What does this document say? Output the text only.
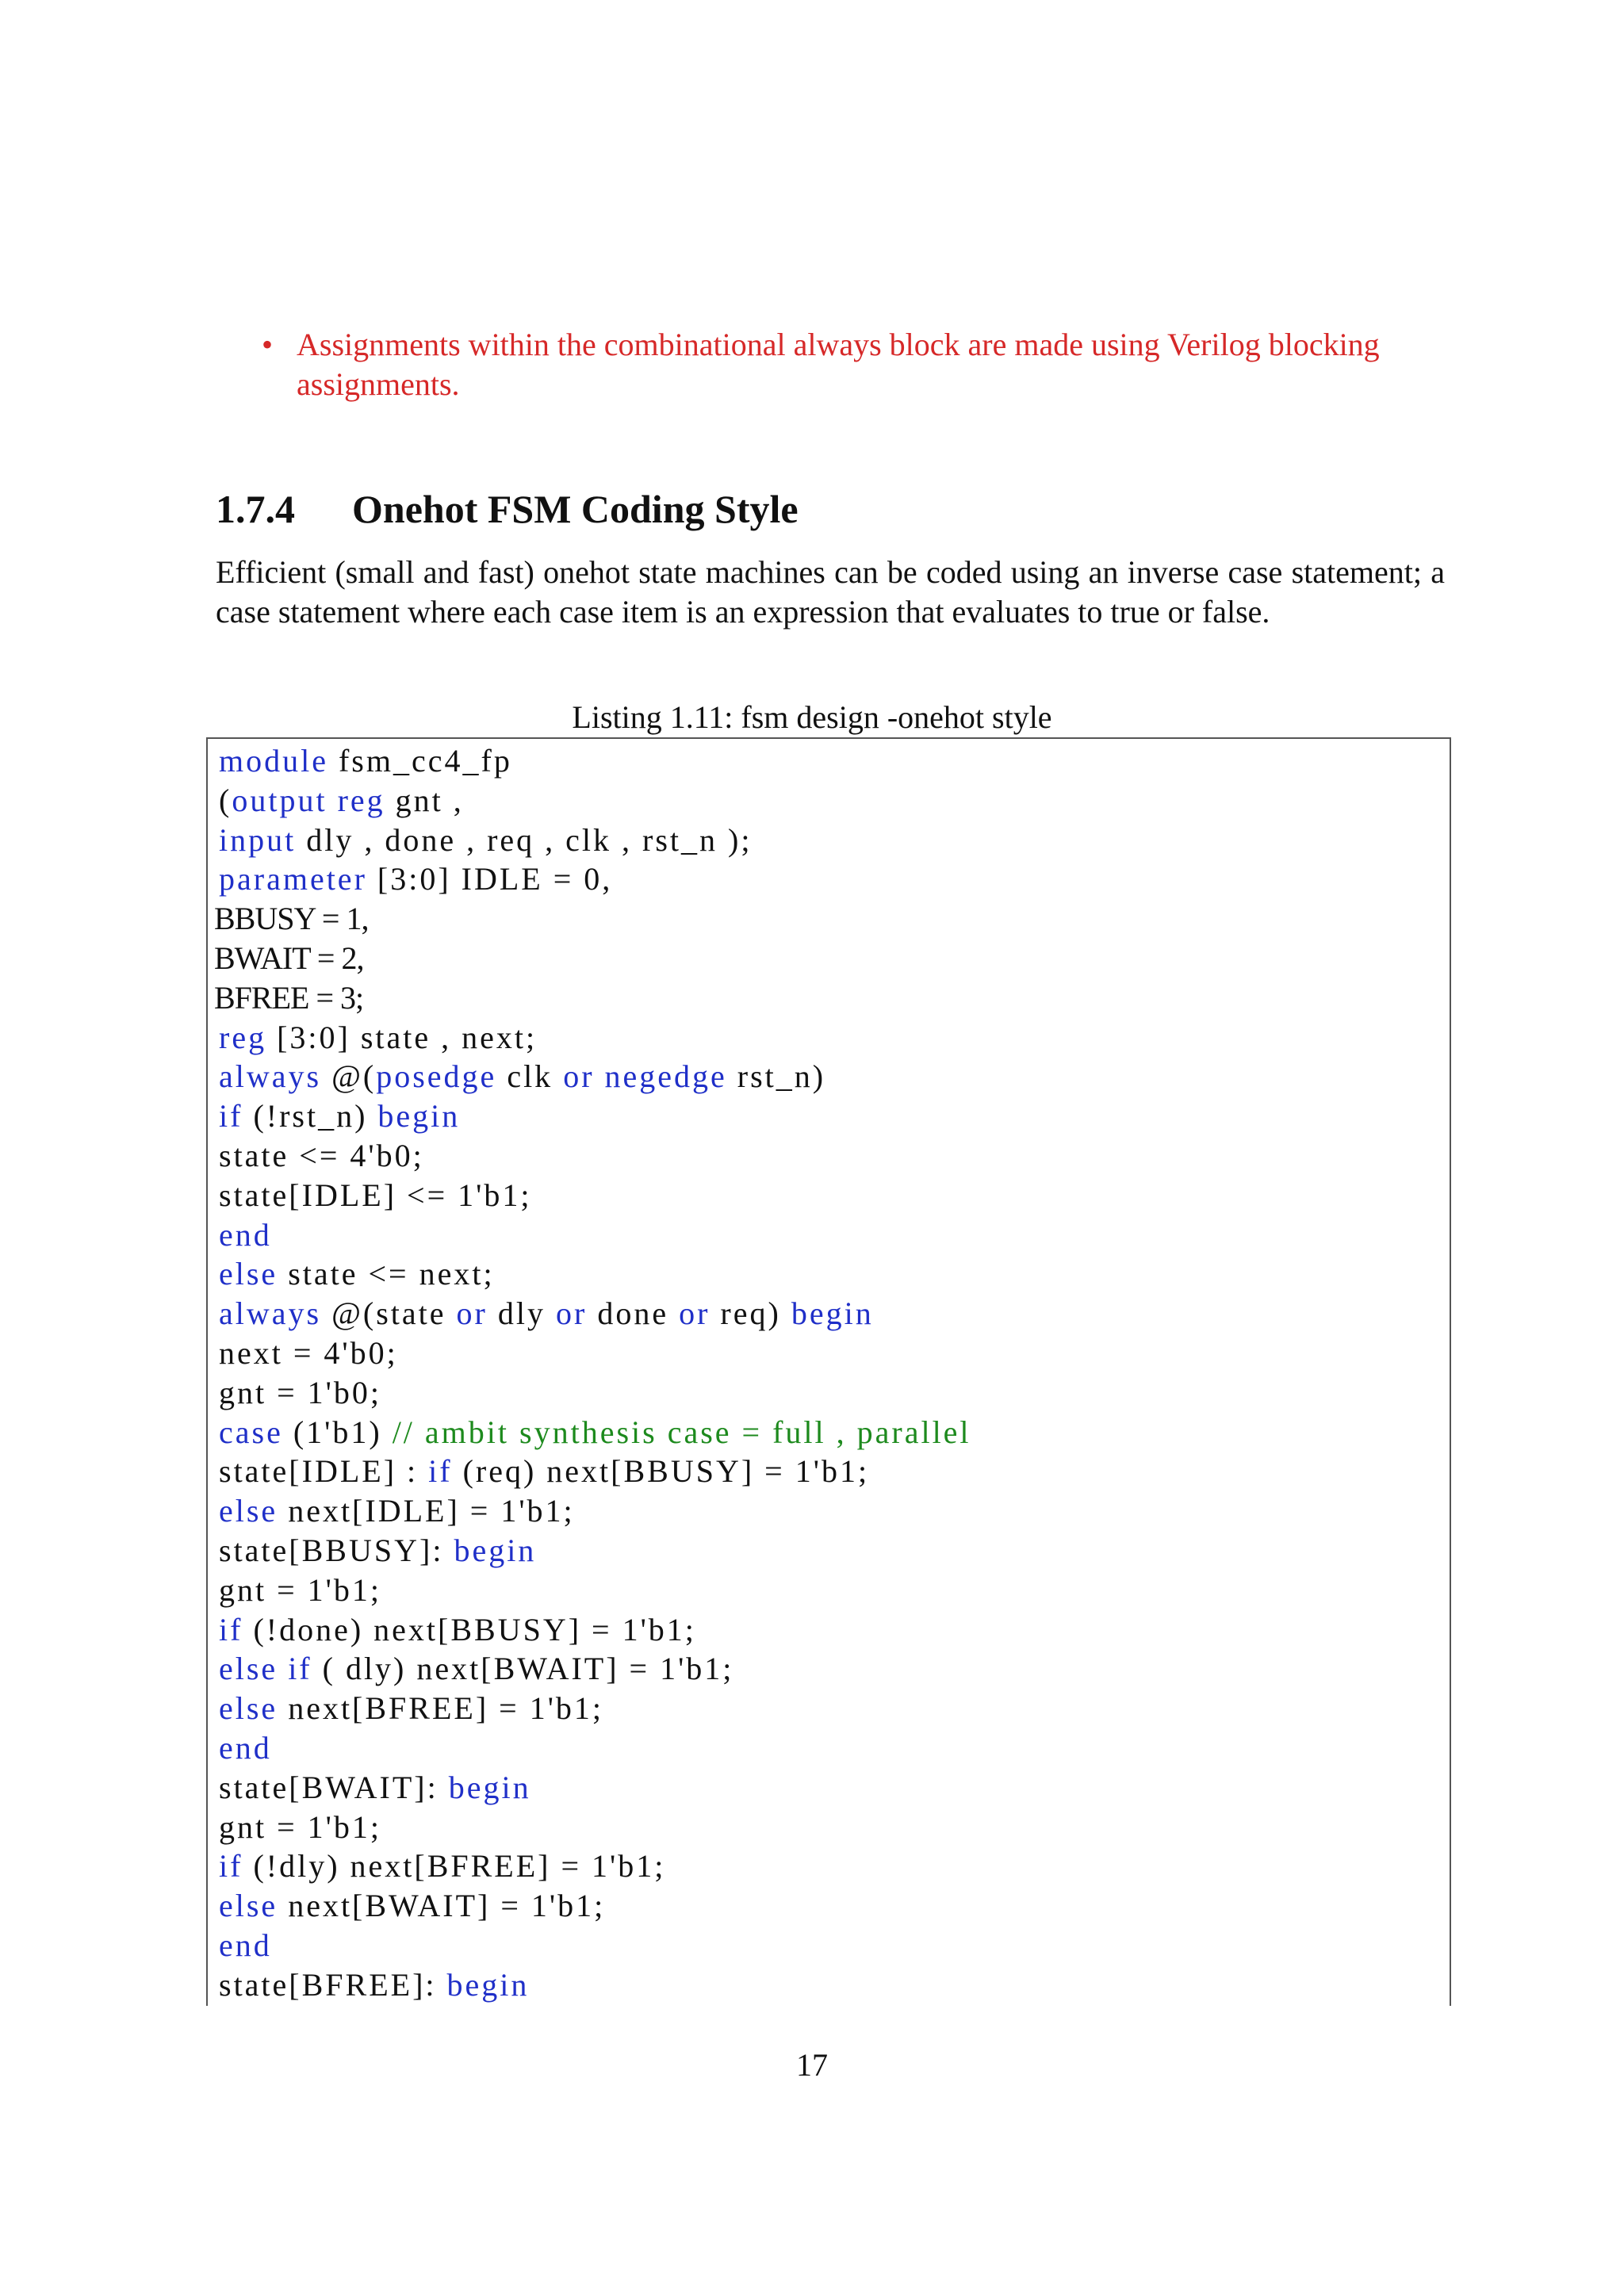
• Assignments within the combinational always block are made using Verilog blocking assignments.
1.7.4 Onehot FSM Coding Style
Efficient (small and fast) onehot state machines can be coded using an inverse case statement; a case statement where each case item is an expression that evaluates to true or false.
Listing 1.11: fsm design -onehot style
module fsm_cc4_fp
(output reg gnt ,
input dly , done , req , clk , rst_n );
parameter [3:0] IDLE = 0,
BBUSY = 1,
BWAIT = 2,
BFREE = 3;
reg [3:0] state , next;
always @(posedge clk or negedge rst_n)
if (!rst_n) begin
state <= 4'b0;
state[IDLE] <= 1'b1;
end
else state <= next;
always @(state or dly or done or req) begin
next = 4'b0;
gnt = 1'b0;
case (1'b1) // ambit synthesis case = full , parallel
state[IDLE] : if (req) next[BBUSY] = 1'b1;
else next[IDLE] = 1'b1;
state[BBUSY]: begin
gnt = 1'b1;
if (!done) next[BBUSY] = 1'b1;
else if ( dly) next[BWAIT] = 1'b1;
else next[BFREE] = 1'b1;
end
state[BWAIT]: begin
gnt = 1'b1;
if (!dly) next[BFREE] = 1'b1;
else next[BWAIT] = 1'b1;
end
state[BFREE]: begin
17
